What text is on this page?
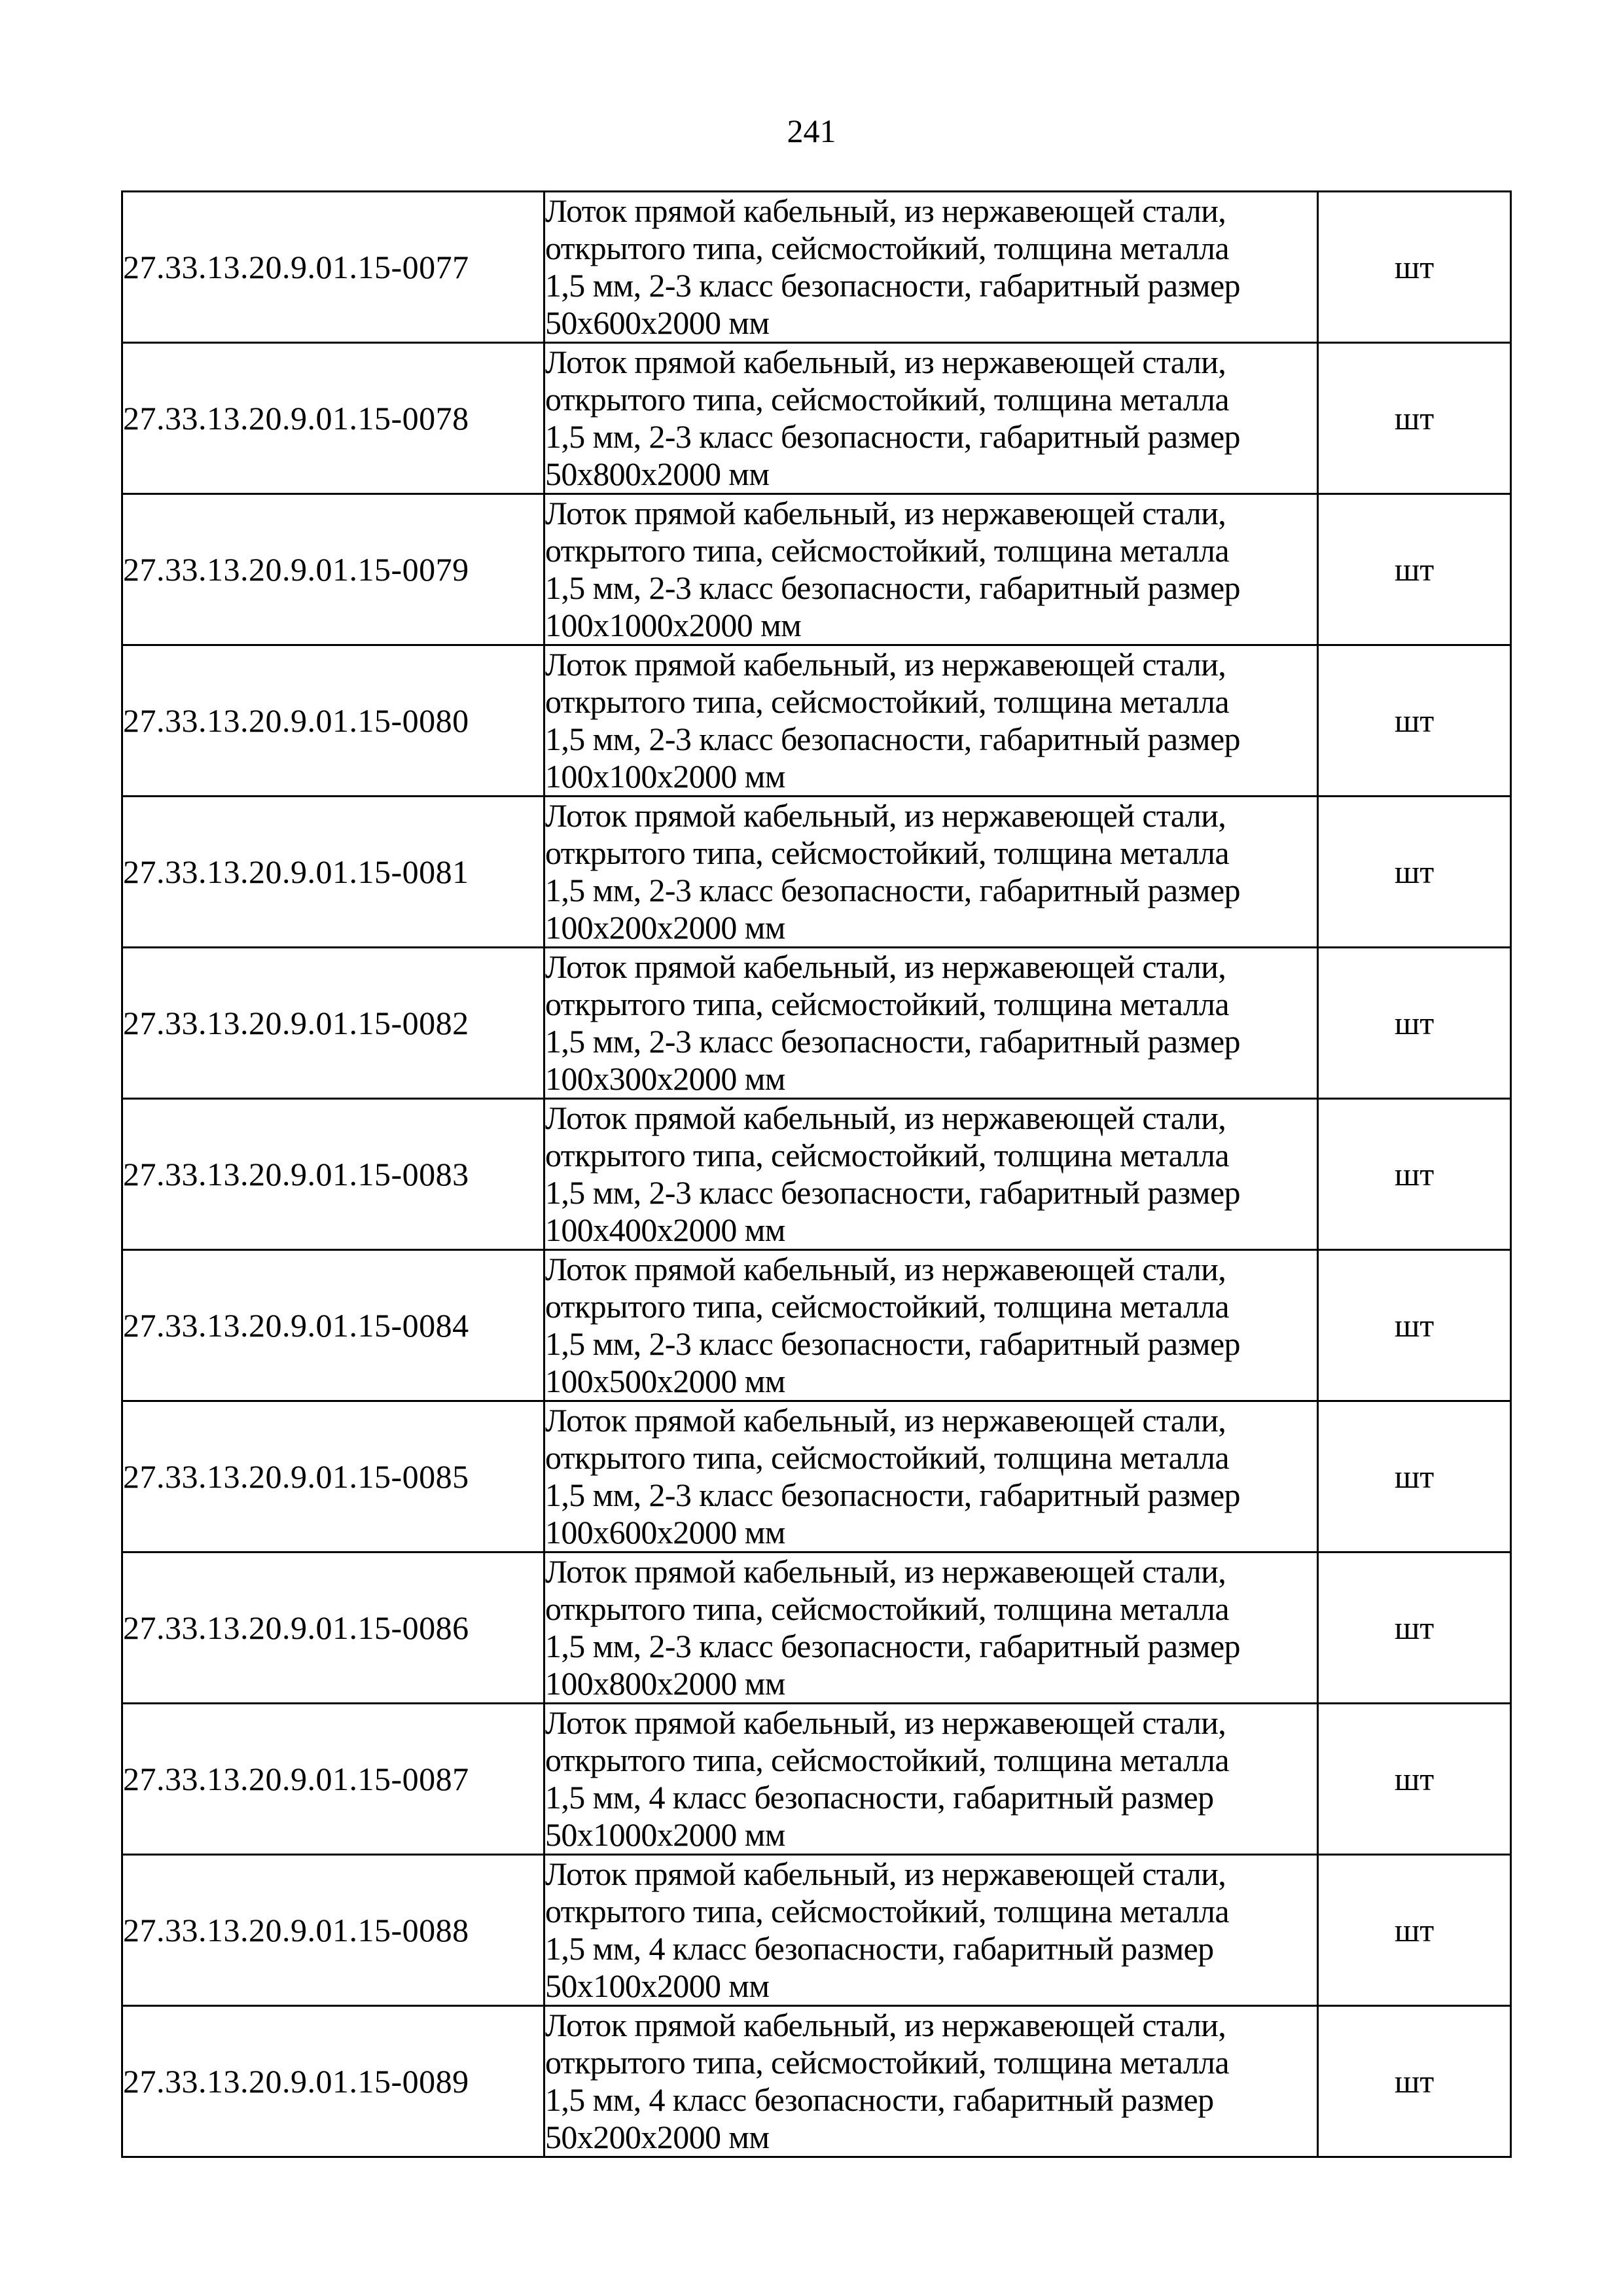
241
27.33.13.20.9.01.15-0077	Лоток прямой кабельный, из нержавеющей стали,
открытого типа, сейсмостойкий, толщина металла
1,5 мм, 2-3 класс безопасности, габаритный размер
50х600х2000 мм	шт
27.33.13.20.9.01.15-0078	Лоток прямой кабельный, из нержавеющей стали,
открытого типа, сейсмостойкий, толщина металла
1,5 мм, 2-3 класс безопасности, габаритный размер
50х800х2000 мм	шт
27.33.13.20.9.01.15-0079	Лоток прямой кабельный, из нержавеющей стали,
открытого типа, сейсмостойкий, толщина металла
1,5 мм, 2-3 класс безопасности, габаритный размер
100х1000х2000 мм	шт
27.33.13.20.9.01.15-0080	Лоток прямой кабельный, из нержавеющей стали,
открытого типа, сейсмостойкий, толщина металла
1,5 мм, 2-3 класс безопасности, габаритный размер
100х100х2000 мм	шт
27.33.13.20.9.01.15-0081	Лоток прямой кабельный, из нержавеющей стали,
открытого типа, сейсмостойкий, толщина металла
1,5 мм, 2-3 класс безопасности, габаритный размер
100х200х2000 мм	шт
27.33.13.20.9.01.15-0082	Лоток прямой кабельный, из нержавеющей стали,
открытого типа, сейсмостойкий, толщина металла
1,5 мм, 2-3 класс безопасности, габаритный размер
100х300х2000 мм	шт
27.33.13.20.9.01.15-0083	Лоток прямой кабельный, из нержавеющей стали,
открытого типа, сейсмостойкий, толщина металла
1,5 мм, 2-3 класс безопасности, габаритный размер
100х400х2000 мм	шт
27.33.13.20.9.01.15-0084	Лоток прямой кабельный, из нержавеющей стали,
открытого типа, сейсмостойкий, толщина металла
1,5 мм, 2-3 класс безопасности, габаритный размер
100х500х2000 мм	шт
27.33.13.20.9.01.15-0085	Лоток прямой кабельный, из нержавеющей стали,
открытого типа, сейсмостойкий, толщина металла
1,5 мм, 2-3 класс безопасности, габаритный размер
100х600х2000 мм	шт
27.33.13.20.9.01.15-0086	Лоток прямой кабельный, из нержавеющей стали,
открытого типа, сейсмостойкий, толщина металла
1,5 мм, 2-3 класс безопасности, габаритный размер
100х800х2000 мм	шт
27.33.13.20.9.01.15-0087	Лоток прямой кабельный, из нержавеющей стали,
открытого типа, сейсмостойкий, толщина металла
1,5 мм, 4 класс безопасности, габаритный размер
50х1000х2000 мм	шт
27.33.13.20.9.01.15-0088	Лоток прямой кабельный, из нержавеющей стали,
открытого типа, сейсмостойкий, толщина металла
1,5 мм, 4 класс безопасности, габаритный размер
50х100х2000 мм	шт
27.33.13.20.9.01.15-0089	Лоток прямой кабельный, из нержавеющей стали,
открытого типа, сейсмостойкий, толщина металла
1,5 мм, 4 класс безопасности, габаритный размер
50х200х2000 мм	шт
